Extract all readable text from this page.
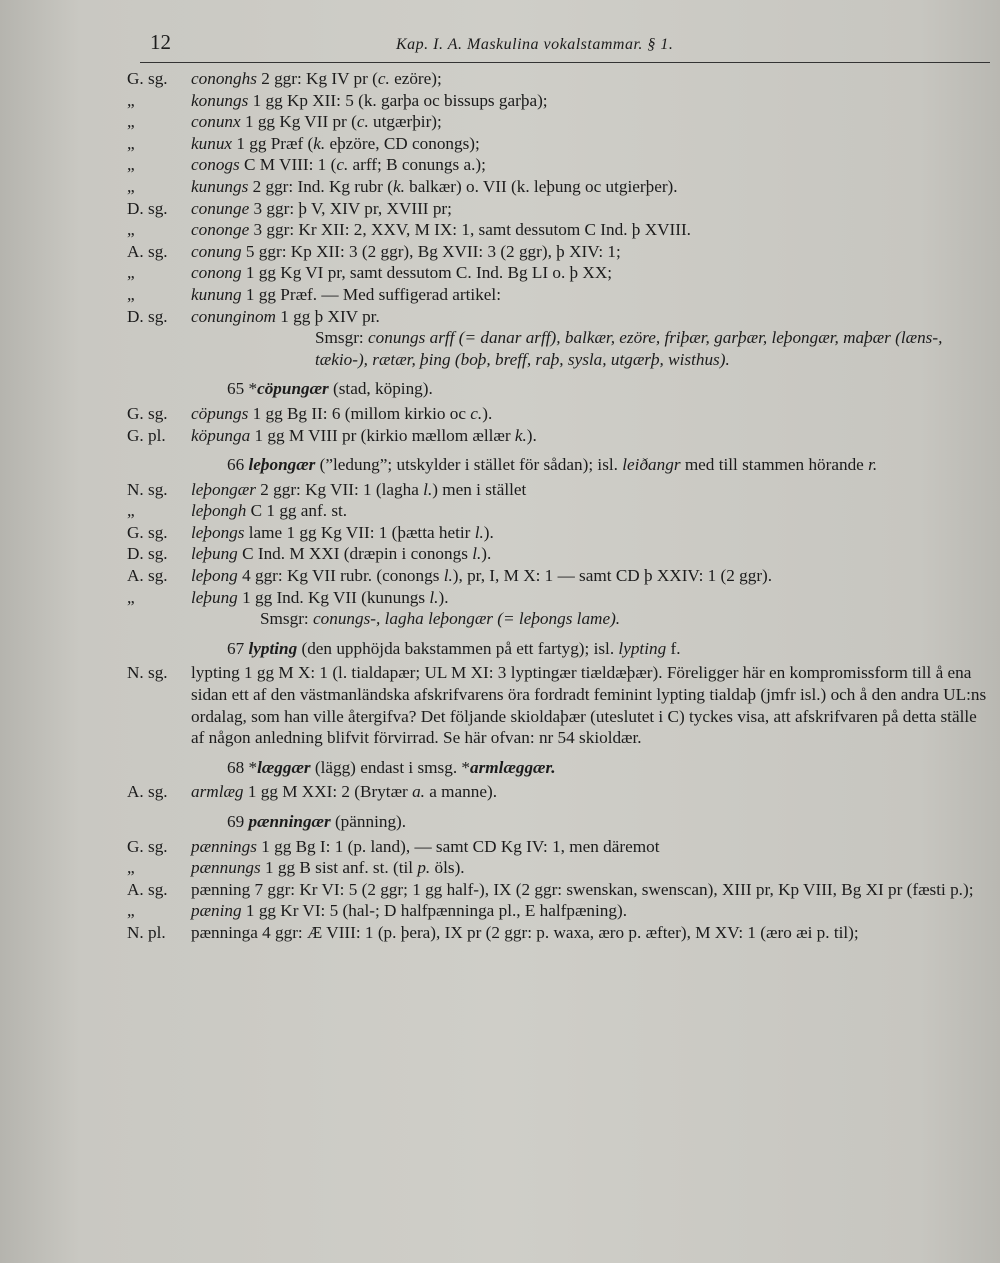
12	Kap. I. A. Maskulina vokalstammar. § 1.
G. sg.	cononghs 2 ggr: Kg IV pr (c. ezöre);
„	konungs 1 gg Kp XII: 5 (k. garþa oc bissups garþa);
„	conunx 1 gg Kg VII pr (c. utgærþir);
„	kunux 1 gg Præf (k. eþzöre, CD conongs);
„	conogs C M VIII: 1 (c. arff; B conungs a.);
„	kunungs 2 ggr: Ind. Kg rubr (k. balkær) o. VII (k. leþung oc utgierþer).
D. sg.	conunge 3 ggr: þ V, XIV pr, XVIII pr;
„	cononge 3 ggr: Kr XII: 2, XXV, M IX: 1, samt dessutom C Ind. þ XVIII.
A. sg.	conung 5 ggr: Kp XII: 3 (2 ggr), Bg XVII: 3 (2 ggr), þ XIV: 1;
„	conong 1 gg Kg VI pr, samt dessutom C. Ind. Bg LI o. þ XX;
„	kunung 1 gg Præf. — Med suffigerad artikel:
D. sg.	conunginom 1 gg þ XIV pr.
Smsgr: conungs arff (= danar arff), balkær, ezöre, friþær, garþær, leþongær, maþær (læns-, tækio-), rætær, þing (boþ, breff, raþ, sysla, utgærþ, wisthus).
65 *cöpungær (stad, köping).
G. sg.	cöpungs 1 gg Bg II: 6 (millom kirkio oc c.).
G. pl.	köpunga 1 gg M VIII pr (kirkio mællom ællær k.).
66 leþongær (”ledung”; utskylder i stället för sådan); isl. leiðangr med till stammen hörande r.
N. sg.	leþongær 2 ggr: Kg VII: 1 (lagha l.) men i stället
„	leþongh C 1 gg anf. st.
G. sg.	leþongs lame 1 gg Kg VII: 1 (þætta hetir l.).
D. sg.	leþung C Ind. M XXI (dræpin i conongs l.).
A. sg.	leþong 4 ggr: Kg VII rubr. (conongs l.), pr, I, M X: 1 — samt CD þ XXIV: 1 (2 ggr).
„	leþung 1 gg Ind. Kg VII (kunungs l.).
Smsgr: conungs-, lagha leþongær (= leþongs lame).
67 lypting (den upphöjda bakstammen på ett fartyg); isl. lypting f.
N. sg.	lypting 1 gg M X: 1 (l. tialdapær; UL M XI: 3 lyptingær tiældæþær). Föreligger här en kompromissform till å ena sidan ett af den västmanländska afskrifvarens öra fordradt feminint lypting tialdaþ (jmfr isl.) och å den andra UL:ns ordalag, som han ville återgifva? Det följande skioldaþær (uteslutet i C) tyckes visa, att afskrifvaren på detta ställe af någon anledning blifvit förvirrad. Se här ofvan: nr 54 skioldær.
68 *læggær (lägg) endast i smsg. *armlæggær.
A. sg.	armlæg 1 gg M XXI: 2 (Brytær a. a manne).
69 pænningær (pänning).
G. sg.	pænnings 1 gg Bg I: 1 (p. land), — samt CD Kg IV: 1, men däremot
„	pænnungs 1 gg B sist anf. st. (til p. öls).
A. sg.	pænning 7 ggr: Kr VI: 5 (2 ggr; 1 gg half-), IX (2 ggr: swenskan, swenscan), XIII pr, Kp VIII, Bg XI pr (fæsti p.);
„	pæning 1 gg Kr VI: 5 (hal-; D halfpænninga pl., E halfpæning).
N. pl.	pænninga 4 ggr: Æ VIII: 1 (p. þera), IX pr (2 ggr: p. waxa, æro p. æfter), M XV: 1 (æro æi p. til);
